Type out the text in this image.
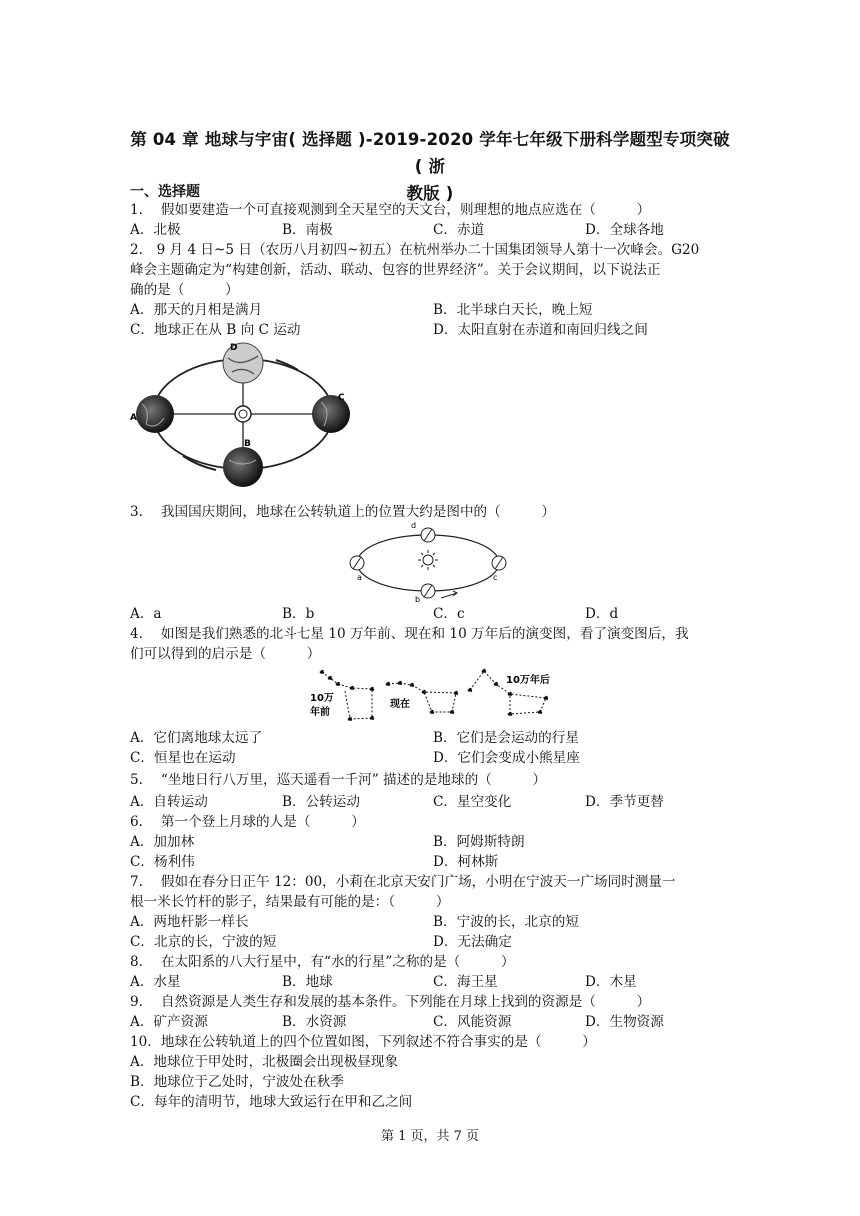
第 04 章 地球与宇宙( 选择题 )-2019-2020 学年七年级下册科学题型专项突破( 浙
教版 )
一、选择题
1.　 假如要建造一个可直接观测到全天星空的天文台，则理想的地点应选在（　　　）
A．北极	B．南极	C．赤道	D．全球各地
2.　9 月 4 日~5 日（农历八月初四~初五）在杭州举办二十国集团领导人第十一次峰会。G20
峰会主题确定为“构建创新，活动、联动、包容的世界经济”。关于会议期间，以下说法正
确的是（　　　）
A．那天的月相是满月	B．北半球白天长，晚上短
C．地球正在从 B 向 C 运动	D．太阳直射在赤道和南回归线之间
A
B
C
D
3.　 我国国庆期间，地球在公转轨道上的位置大约是图中的（　　　）
a
b
c
d
A．a	B．b	C．c	D．d
4.　 如图是我们熟悉的北斗七星 10 万年前、现在和 10 万年后的演变图，看了演变图后，我
们可以得到的启示是（　　　）
10万
年前
现在
10万年后
A．它们离地球太远了	B．它们是会运动的行星
C．恒星也在运动	D．它们会变成小熊星座
5.　 “坐地日行八万里，巡天遥看一千河” 描述的是地球的（　　　）
A．自转运动	B．公转运动	C．星空变化	D．季节更替
6.　 第一个登上月球的人是（　　　）
A．加加林	B．阿姆斯特朗
C．杨利伟	D．柯林斯
7.　 假如在春分日正午 12：00，小莉在北京天安门广场，小明在宁波天一广场同时测量一
根一米长竹杆的影子，结果最有可能的是：（　　　）
A．两地杆影一样长	B．宁波的长，北京的短
C．北京的长，宁波的短	D．无法确定
8.　 在太阳系的八大行星中，有“水的行星”之称的是（　　　）
A．水星	B．地球	C．海王星	D．木星
9.　 自然资源是人类生存和发展的基本条件。下列能在月球上找到的资源是（　　　）
A．矿产资源	B．水资源	C．风能资源	D．生物资源
10．地球在公转轨道上的四个位置如图，下列叙述不符合事实的是（　　　）
A．地球位于甲处时，北极圈会出现极昼现象
B．地球位于乙处时，宁波处在秋季
C．每年的清明节，地球大致运行在甲和乙之间
第 1 页，共 7 页
